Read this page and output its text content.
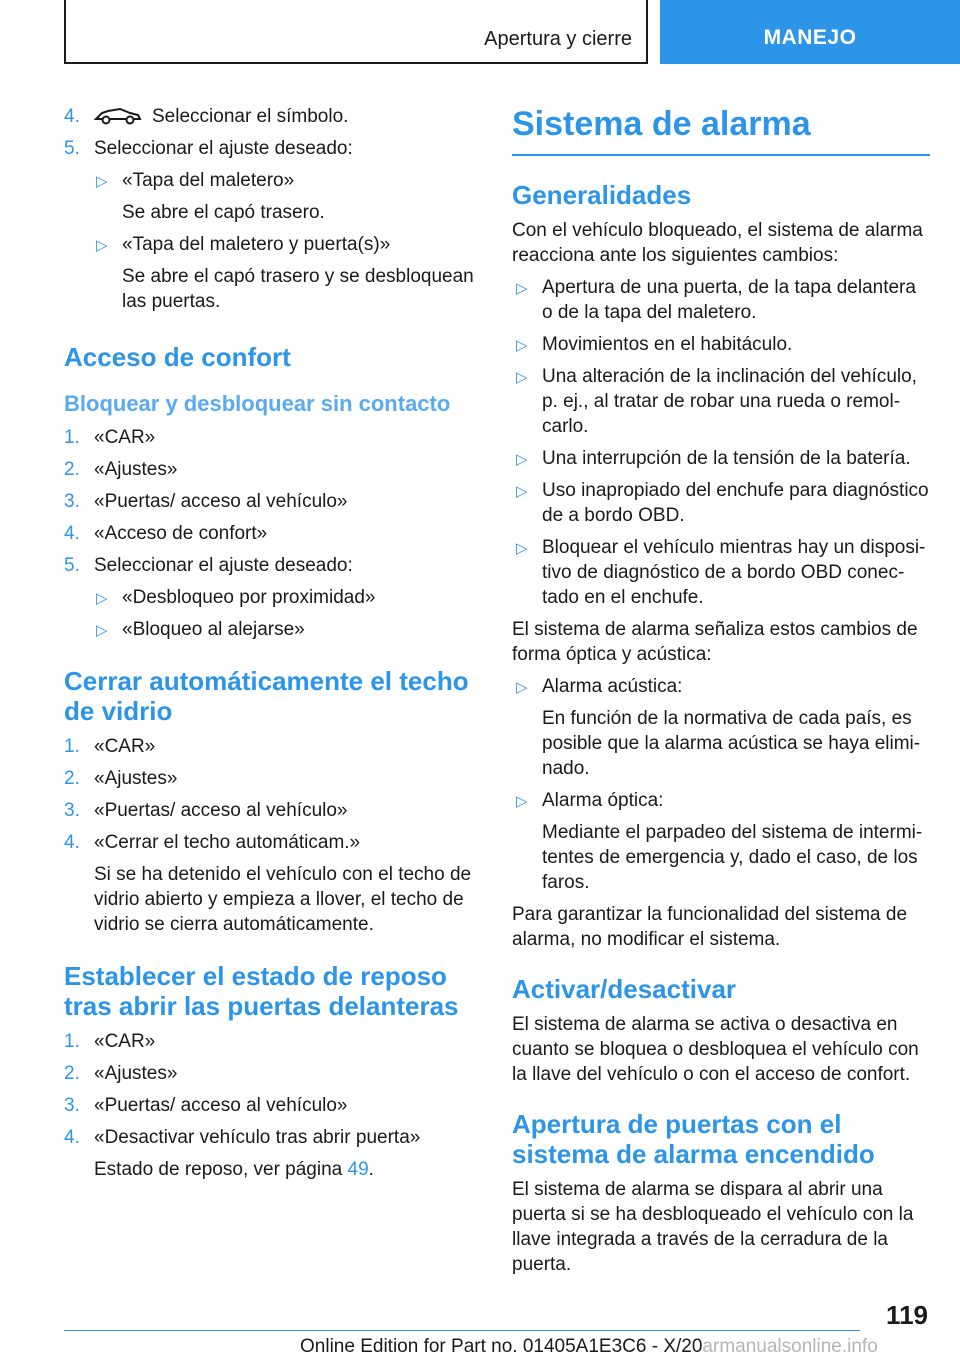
Apertura y cierre	MANEJO
4.	Seleccionar el símbolo.
5. Seleccionar el ajuste deseado:
▷ «Tapa del maletero»
Se abre el capó trasero.
▷ «Tapa del maletero y puerta(s)»
Se abre el capó trasero y se desbloquean las puertas.
Acceso de confort
Bloquear y desbloquear sin contacto
1. «CAR»
2. «Ajustes»
3. «Puertas/ acceso al vehículo»
4. «Acceso de confort»
5. Seleccionar el ajuste deseado:
▷ «Desbloqueo por proximidad»
▷ «Bloqueo al alejarse»
Cerrar automáticamente el techo de vidrio
1. «CAR»
2. «Ajustes»
3. «Puertas/ acceso al vehículo»
4. «Cerrar el techo automáticam.»
Si se ha detenido el vehículo con el techo de vidrio abierto y empieza a llover, el techo de vidrio se cierra automáticamente.
Establecer el estado de reposo tras abrir las puertas delanteras
1. «CAR»
2. «Ajustes»
3. «Puertas/ acceso al vehículo»
4. «Desactivar vehículo tras abrir puerta»
Estado de reposo, ver página 49.
Sistema de alarma
Generalidades
Con el vehículo bloqueado, el sistema de alarma reacciona ante los siguientes cambios:
▷ Apertura de una puerta, de la tapa delantera o de la tapa del maletero.
▷ Movimientos en el habitáculo.
▷ Una alteración de la inclinación del vehículo, p. ej., al tratar de robar una rueda o remol‐ carlo.
▷ Una interrupción de la tensión de la batería.
▷ Uso inapropiado del enchufe para diagnóstico de a bordo OBD.
▷ Bloquear el vehículo mientras hay un disposi‐ tivo de diagnóstico de a bordo OBD conec‐ tado en el enchufe.
El sistema de alarma señaliza estos cambios de forma óptica y acústica:
▷ Alarma acústica:
En función de la normativa de cada país, es posible que la alarma acústica se haya elimi‐ nado.
▷ Alarma óptica:
Mediante el parpadeo del sistema de intermi‐ tentes de emergencia y, dado el caso, de los faros.
Para garantizar la funcionalidad del sistema de alarma, no modificar el sistema.
Activar/desactivar
El sistema de alarma se activa o desactiva en cuanto se bloquea o desbloquea el vehículo con la llave del vehículo o con el acceso de confort.
Apertura de puertas con el sistema de alarma encendido
El sistema de alarma se dispara al abrir una puerta si se ha desbloqueado el vehículo con la llave integrada a través de la cerradura de la puerta.
119
Online Edition for Part no. 01405A1E3C6 - X/20armanualsonline.info
